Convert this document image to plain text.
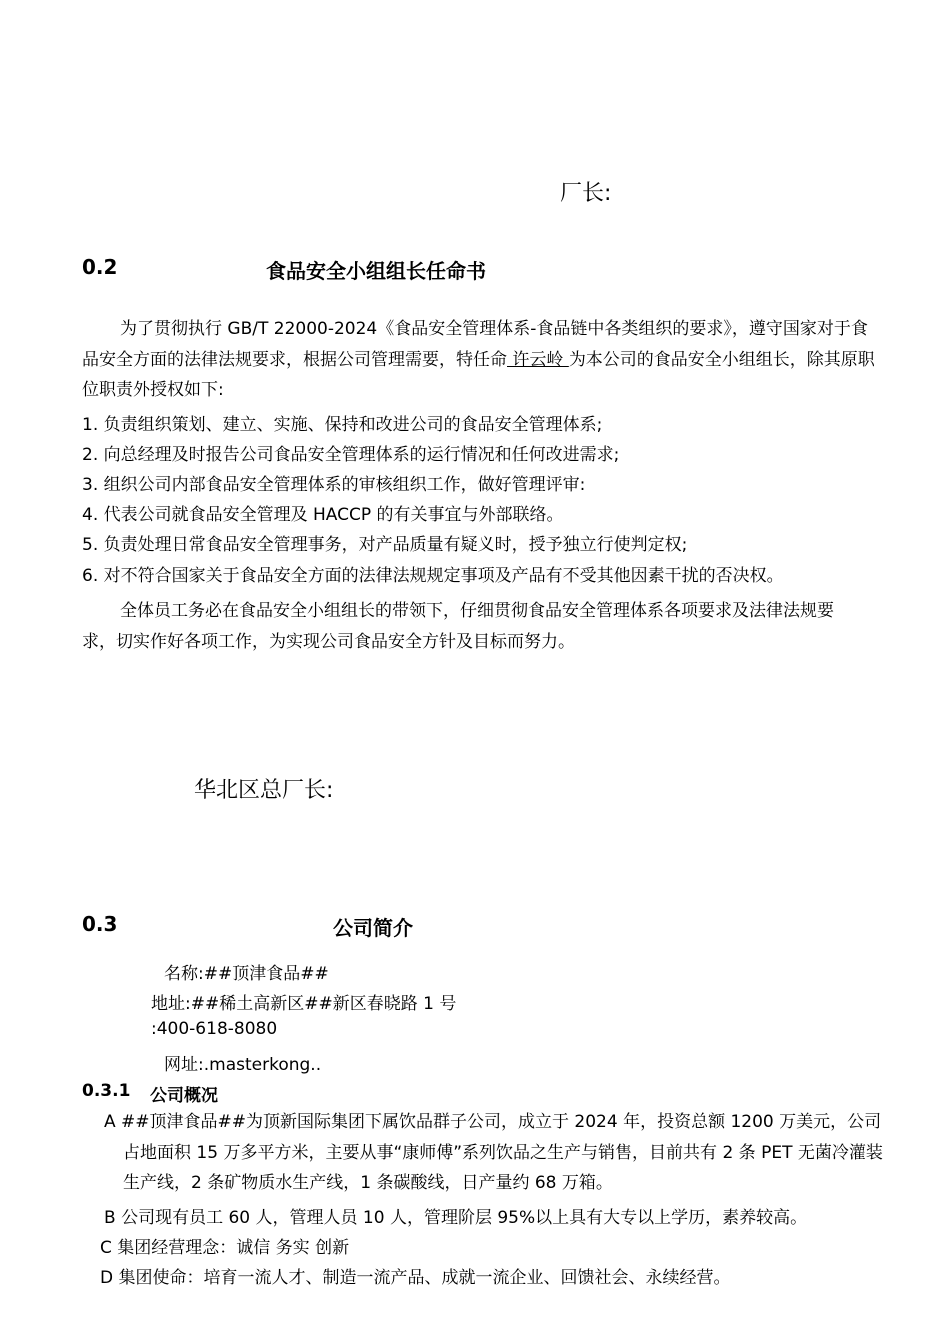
厂长:
0.2	食品安全小组组长任命书
为了贯彻执行 GB/T 22000-2024《食品安全管理体系-食品链中各类组织的要求》，遵守国家对于食品安全方面的法律法规要求，根据公司管理需要，特任命 许云岭 为本公司的食品安全小组组长，除其原职位职责外授权如下:
1. 负责组织策划、建立、实施、保持和改进公司的食品安全管理体系;
2. 向总经理及时报告公司食品安全管理体系的运行情况和任何改进需求;
3. 组织公司内部食品安全管理体系的审核组织工作，做好管理评审:
4. 代表公司就食品安全管理及 HACCP 的有关事宜与外部联络。
5. 负责处理日常食品安全管理事务，对产品质量有疑义时，授予独立行使判定权;
6. 对不符合国家关于食品安全方面的法律法规规定事项及产品有不受其他因素干扰的否决权。
全体员工务必在食品安全小组组长的带领下，仔细贯彻食品安全管理体系各项要求及法律法规要求，切实作好各项工作，为实现公司食品安全方针及目标而努力。
华北区总厂长:
0.3	公司简介
名称:##顶津食品##
地址:##稀土高新区##新区春晓路 1 号
:400-618-8080
网址:.masterkong..
0.3.1 公司概况
A ##顶津食品##为顶新国际集团下属饮品群子公司，成立于 2024 年，投资总额 1200 万美元，公司占地面积 15 万多平方米，主要从事“康师傅”系列饮品之生产与销售，目前共有 2 条 PET 无菌冷灌装生产线，2 条矿物质水生产线，1 条碳酸线，日产量约 68 万箱。
B 公司现有员工 60 人，管理人员 10 人，管理阶层 95%以上具有大专以上学历，素养较高。
C 集团经营理念：诚信 务实 创新
D 集团使命：培育一流人才、制造一流产品、成就一流企业、回馈社会、永续经营。
